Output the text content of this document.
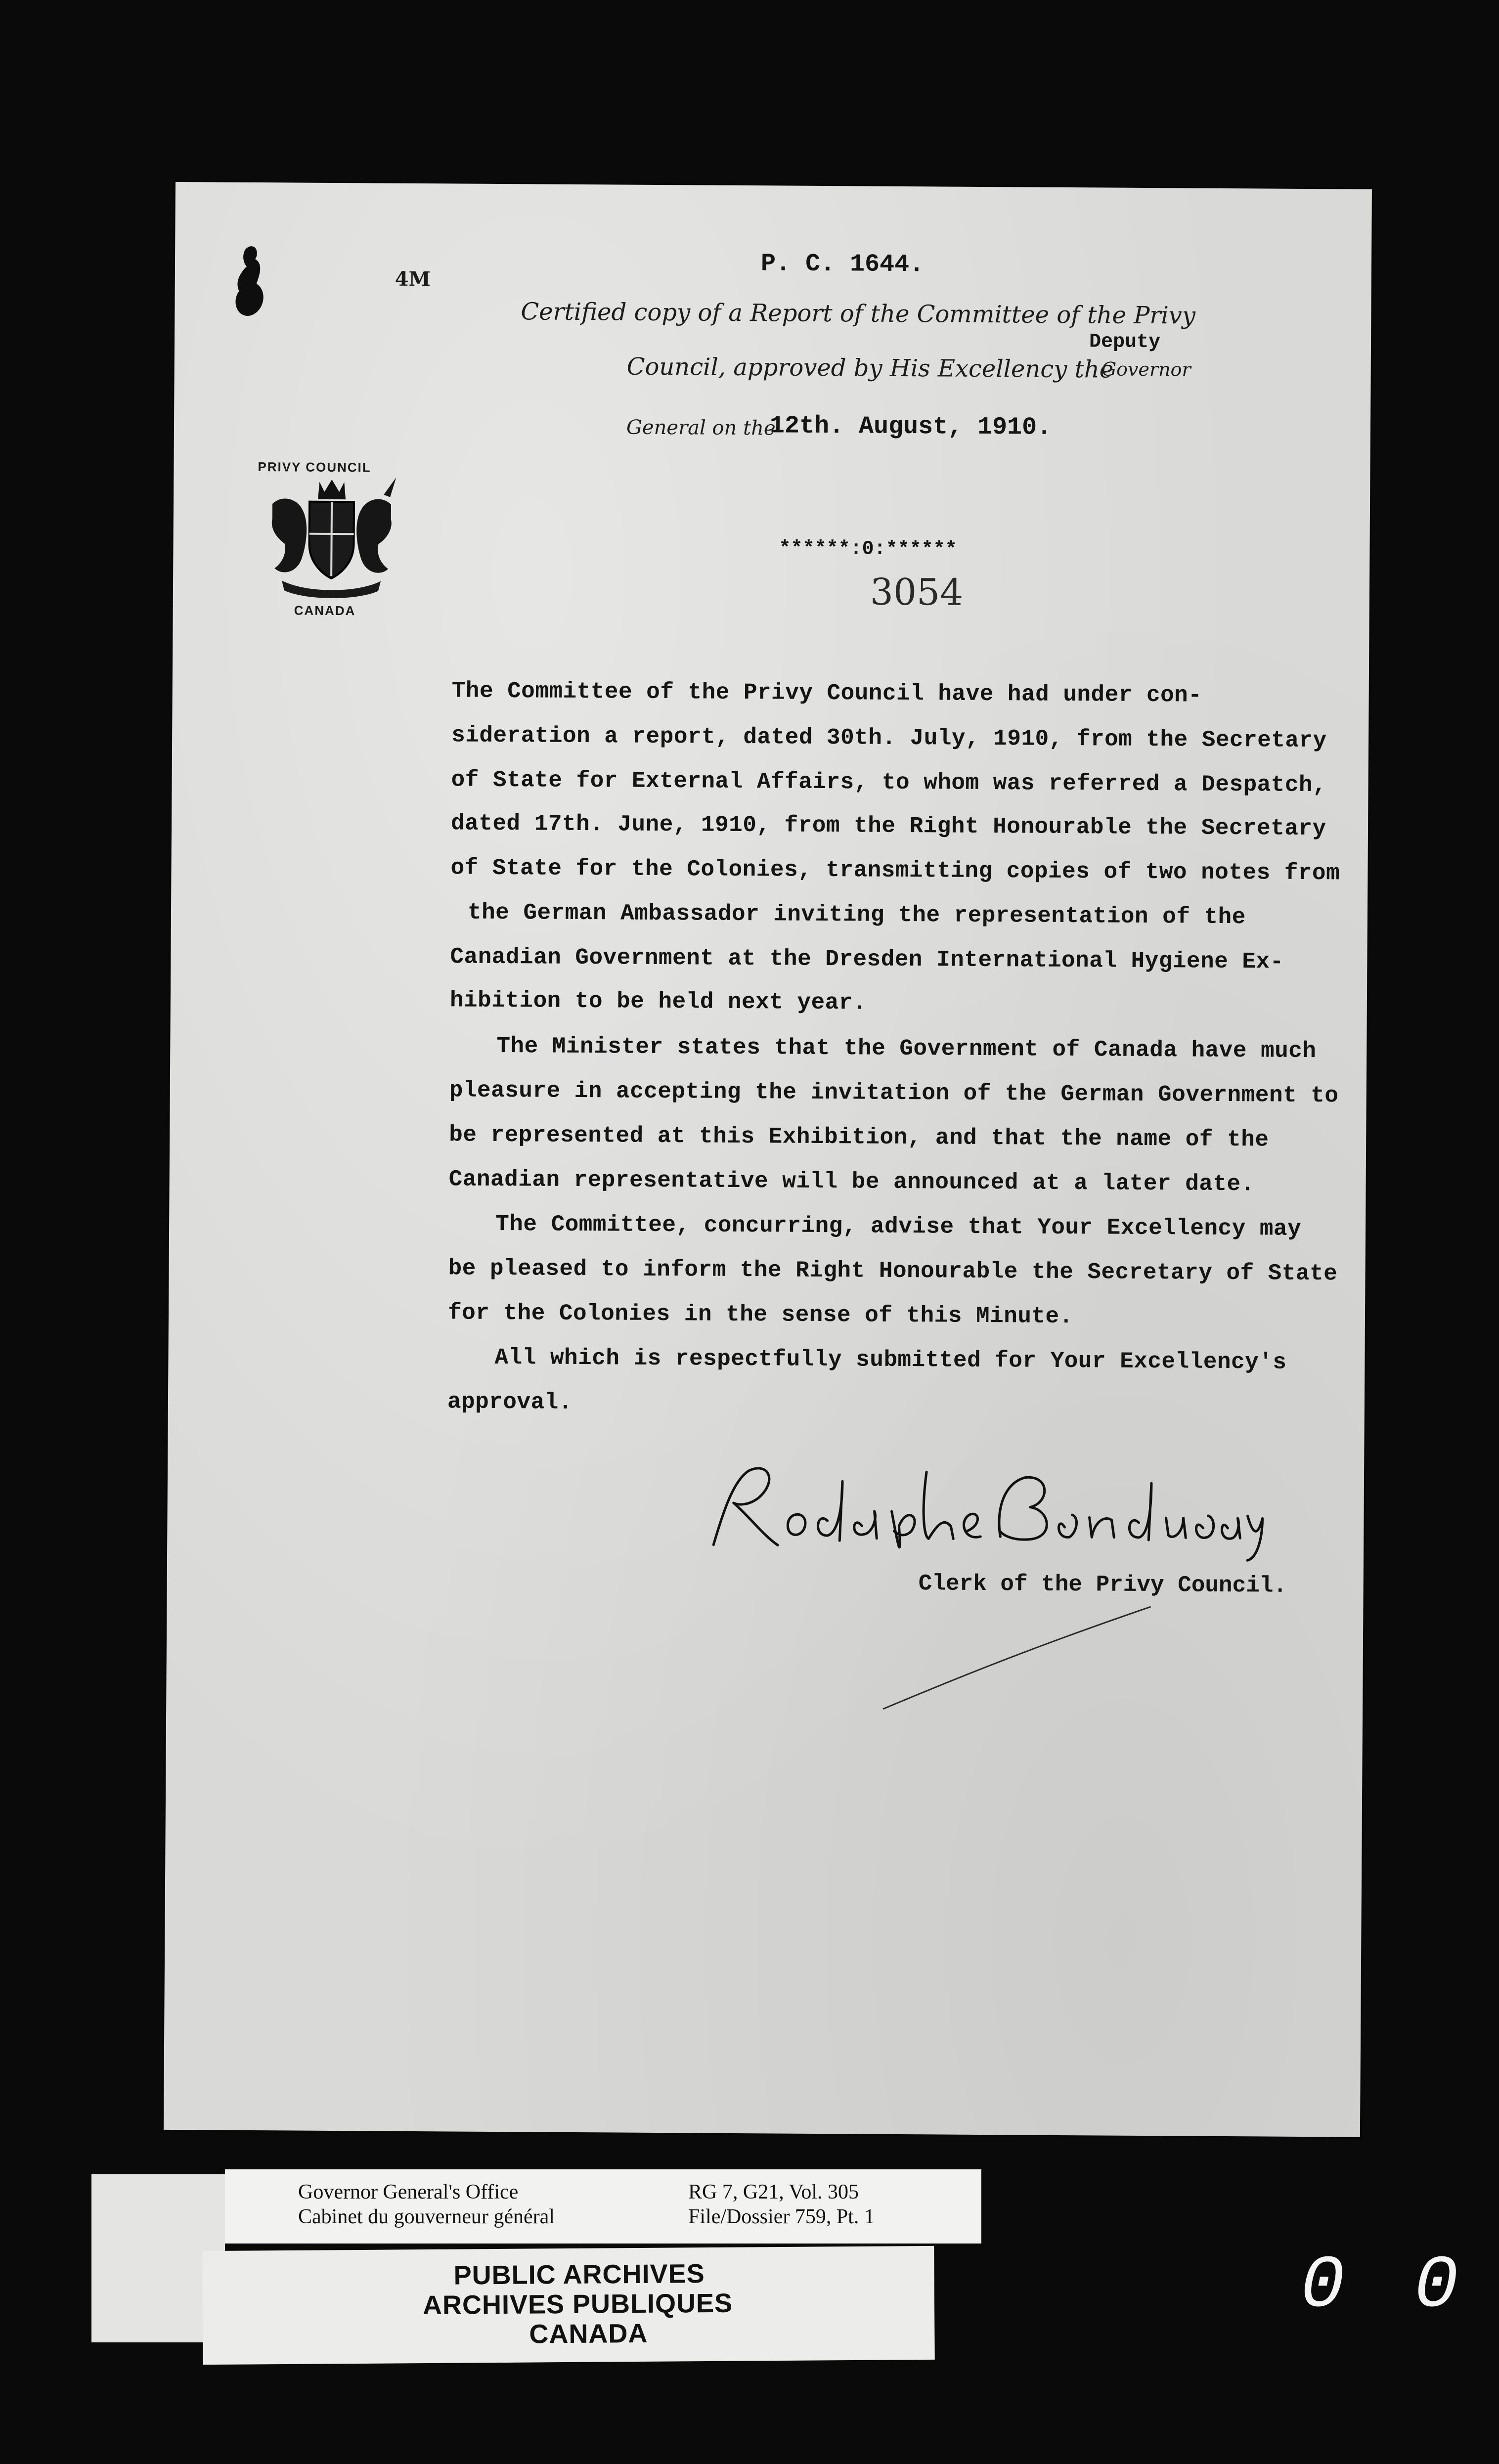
4M
P. C. 1644.
Certified copy of a Report of the Committee of the Privy
Council, approved by His Excellency the
Deputy
Governor
General on the
12th. August, 1910.
PRIVY COUNCIL
CANADA
******:0:******
3054
The Committee of the Privy Council have had under con-
sideration a report, dated 30th. July, 1910, from the Secretary
of State for External Affairs, to whom was referred a Despatch,
dated 17th. June, 1910, from the Right Honourable the Secretary
of State for the Colonies, transmitting copies of two notes from
the German Ambassador inviting the representation of the
Canadian Government at the Dresden International Hygiene Ex-
hibition to be held next year.
The Minister states that the Government of Canada have much
pleasure in accepting the invitation of the German Government to
be represented at this Exhibition, and that the name of the
Canadian representative will be announced at a later date.
The Committee, concurring, advise that Your Excellency may
be pleased to inform the Right Honourable the Secretary of State
for the Colonies in the sense of this Minute.
All which is respectfully submitted for Your Excellency's
approval.
Clerk of the Privy Council.
Governor General's Office
Cabinet du gouverneur général
RG 7, G21, Vol. 305
File/Dossier 759, Pt. 1
PUBLIC ARCHIVES
ARCHIVES PUBLIQUES
CANADA
0 0
